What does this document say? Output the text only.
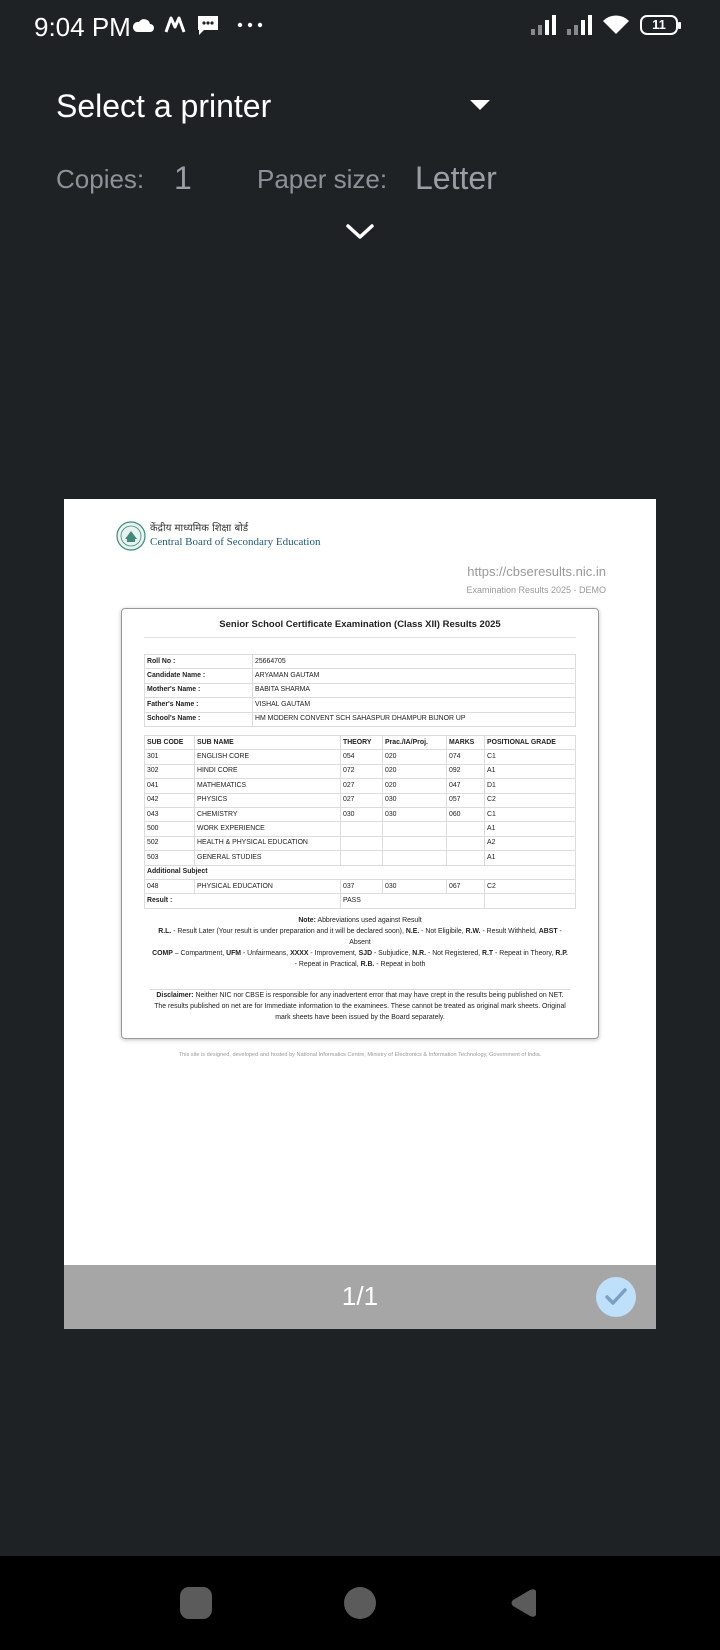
9:04 PM	11
Select a printer
Copies: 1	Paper size: Letter
केंद्रीय माध्यमिक शिक्षा बोर्ड
Central Board of Secondary Education
https://cbseresults.nic.in
Examination Results 2025 - DEMO
Senior School Certificate Examination (Class XII) Results 2025
Roll No :	25664705
Candidate Name :	ARYAMAN GAUTAM
Mother's Name :	BABITA SHARMA
Father's Name :	VISHAL GAUTAM
School's Name :	HM MODERN CONVENT SCH SAHASPUR DHAMPUR BIJNOR UP
SUB CODE	SUB NAME	THEORY	Prac./IA/Proj.	MARKS	POSITIONAL GRADE
301	ENGLISH CORE	054	020	074	C1
302	HINDI CORE	072	020	092	A1
041	MATHEMATICS	027	020	047	D1
042	PHYSICS	027	030	057	C2
043	CHEMISTRY	030	030	060	C1
500	WORK EXPERIENCE				A1
502	HEALTH & PHYSICAL EDUCATION				A2
503	GENERAL STUDIES				A1
Additional Subject					
048	PHYSICAL EDUCATION	037	030	067	C2
Result :		PASS			
Note: Abbreviations used against Result
R.L. - Result Later (Your result is under preparation and it will be declared soon), N.E. - Not Eligibile, R.W. - Result Withheld, ABST - Absent
COMP – Compartment, UFM - Unfairmeans, XXXX - Improvement, SJD - Subjudice, N.R. - Not Registered, R.T - Repeat in Theory, R.P. - Repeat in Practical, R.B. - Repeat in both
Disclaimer: Neither NIC nor CBSE is responsible for any inadvertent error that may have crept in the results being published on NET. The results published on net are for Immediate information to the examinees. These cannot be treated as original mark sheets. Original mark sheets have been issued by the Board separately.
This site is designed, developed and hosted by National Informatics Centre, Ministry of Electronics & Information Technology, Government of India.
1/1
